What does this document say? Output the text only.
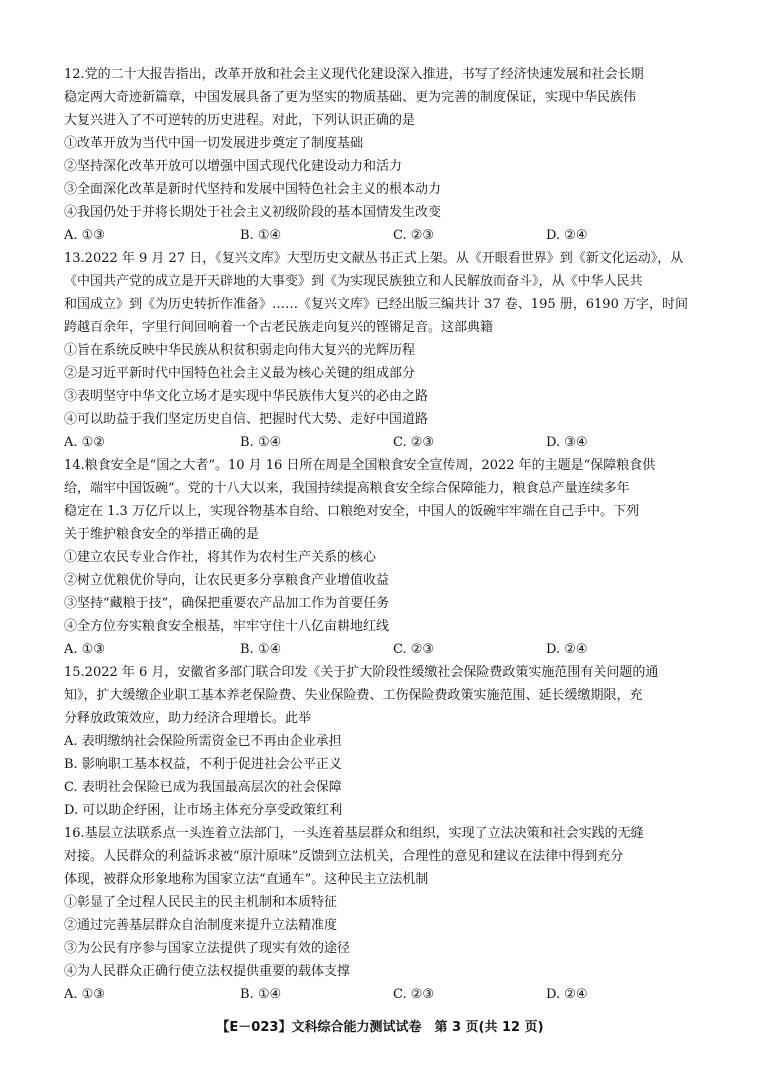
12.党的二十大报告指出，改革开放和社会主义现代化建设深入推进，书写了经济快速发展和社会长期
稳定两大奇迹新篇章，中国发展具备了更为坚实的物质基础、更为完善的制度保证，实现中华民族伟
大复兴进入了不可逆转的历史进程。对此，下列认识正确的是
①改革开放为当代中国一切发展进步奠定了制度基础
②坚持深化改革开放可以增强中国式现代化建设动力和活力
③全面深化改革是新时代坚持和发展中国特色社会主义的根本动力
④我国仍处于并将长期处于社会主义初级阶段的基本国情发生改变
A. ①③	B. ①④	C. ②③	D. ②④
13.2022 年 9 月 27 日，《复兴文库》大型历史文献丛书正式上架。从《开眼看世界》到《新文化运动》，从
《中国共产党的成立是开天辟地的大事变》到《为实现民族独立和人民解放而奋斗》，从《中华人民共
和国成立》到《为历史转折作准备》……《复兴文库》已经出版三编共计 37 卷、195 册，6190 万字，时间
跨越百余年，字里行间回响着一个古老民族走向复兴的铿锵足音。这部典籍
①旨在系统反映中华民族从积贫积弱走向伟大复兴的光辉历程
②是习近平新时代中国特色社会主义最为核心关键的组成部分
③表明坚守中华文化立场才是实现中华民族伟大复兴的必由之路
④可以助益于我们坚定历史自信、把握时代大势、走好中国道路
A. ①②	B. ①④	C. ②③	D. ③④
14.粮食安全是“国之大者”。10 月 16 日所在周是全国粮食安全宣传周，2022 年的主题是“保障粮食供
给，端牢中国饭碗”。党的十八大以来，我国持续提高粮食安全综合保障能力，粮食总产量连续多年
稳定在 1.3 万亿斤以上，实现谷物基本自给、口粮绝对安全，中国人的饭碗牢牢端在自己手中。下列
关于维护粮食安全的举措正确的是
①建立农民专业合作社，将其作为农村生产关系的核心
②树立优粮优价导向，让农民更多分享粮食产业增值收益
③坚持“藏粮于技”，确保把重要农产品加工作为首要任务
④全方位夯实粮食安全根基，牢牢守住十八亿亩耕地红线
A. ①③	B. ①④	C. ②③	D. ②④
15.2022 年 6 月，安徽省多部门联合印发《关于扩大阶段性缓缴社会保险费政策实施范围有关问题的通
知》，扩大缓缴企业职工基本养老保险费、失业保险费、工伤保险费政策实施范围、延长缓缴期限，充
分释放政策效应，助力经济合理增长。此举
A. 表明缴纳社会保险所需资金已不再由企业承担
B. 影响职工基本权益，不利于促进社会公平正义
C. 表明社会保险已成为我国最高层次的社会保障
D. 可以助企纾困，让市场主体充分享受政策红利
16.基层立法联系点一头连着立法部门，一头连着基层群众和组织，实现了立法决策和社会实践的无缝
对接。人民群众的利益诉求被“原汁原味”反馈到立法机关，合理性的意见和建议在法律中得到充分
体现，被群众形象地称为国家立法“直通车”。这种民主立法机制
①彰显了全过程人民民主的民主机制和本质特征
②通过完善基层群众自治制度来提升立法精准度
③为公民有序参与国家立法提供了现实有效的途径
④为人民群众正确行使立法权提供重要的载体支撑
A. ①③	B. ①④	C. ②③	D. ②④
【E－023】文科综合能力测试试卷　第 3 页(共 12 页)
